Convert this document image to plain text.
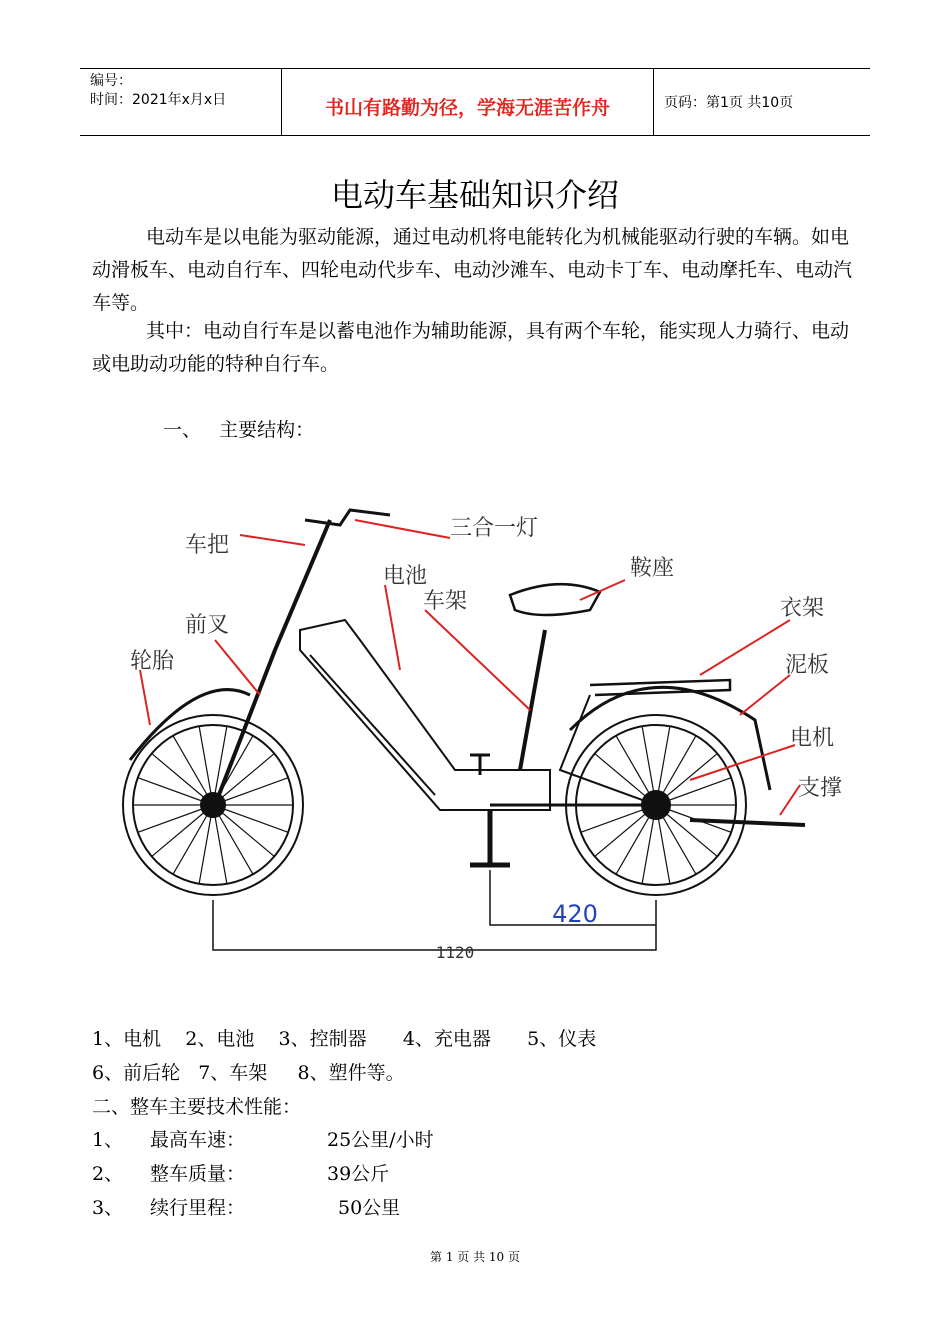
编号：
时间：2021年x月x日	书山有路勤为径，学海无涯苦作舟	页码：第1页 共10页
电动车基础知识介绍
电动车是以电能为驱动能源，通过电动机将电能转化为机械能驱动行驶的车辆。如电动滑板车、电动自行车、四轮电动代步车、电动沙滩车、电动卡丁车、电动摩托车、电动汽车等。
其中：电动自行车是以蓄电池作为辅助能源，具有两个车轮，能实现人力骑行、电动或电助动功能的特种自行车。
一、   主要结构：
车把
三合一灯
电池
车架
鞍座
前叉
衣架
轮胎	泥板
电机
支撑
420
1120
1、电机    2、电池    3、控制器      4、充电器      5、仪表
6、前后轮   7、车架     8、塑件等。
二、整车主要技术性能：
1、 最高车速：	25公里/小时
2、 整车质量：	39公斤
3、 续行里程：	50公里
第 1 页 共 10 页
